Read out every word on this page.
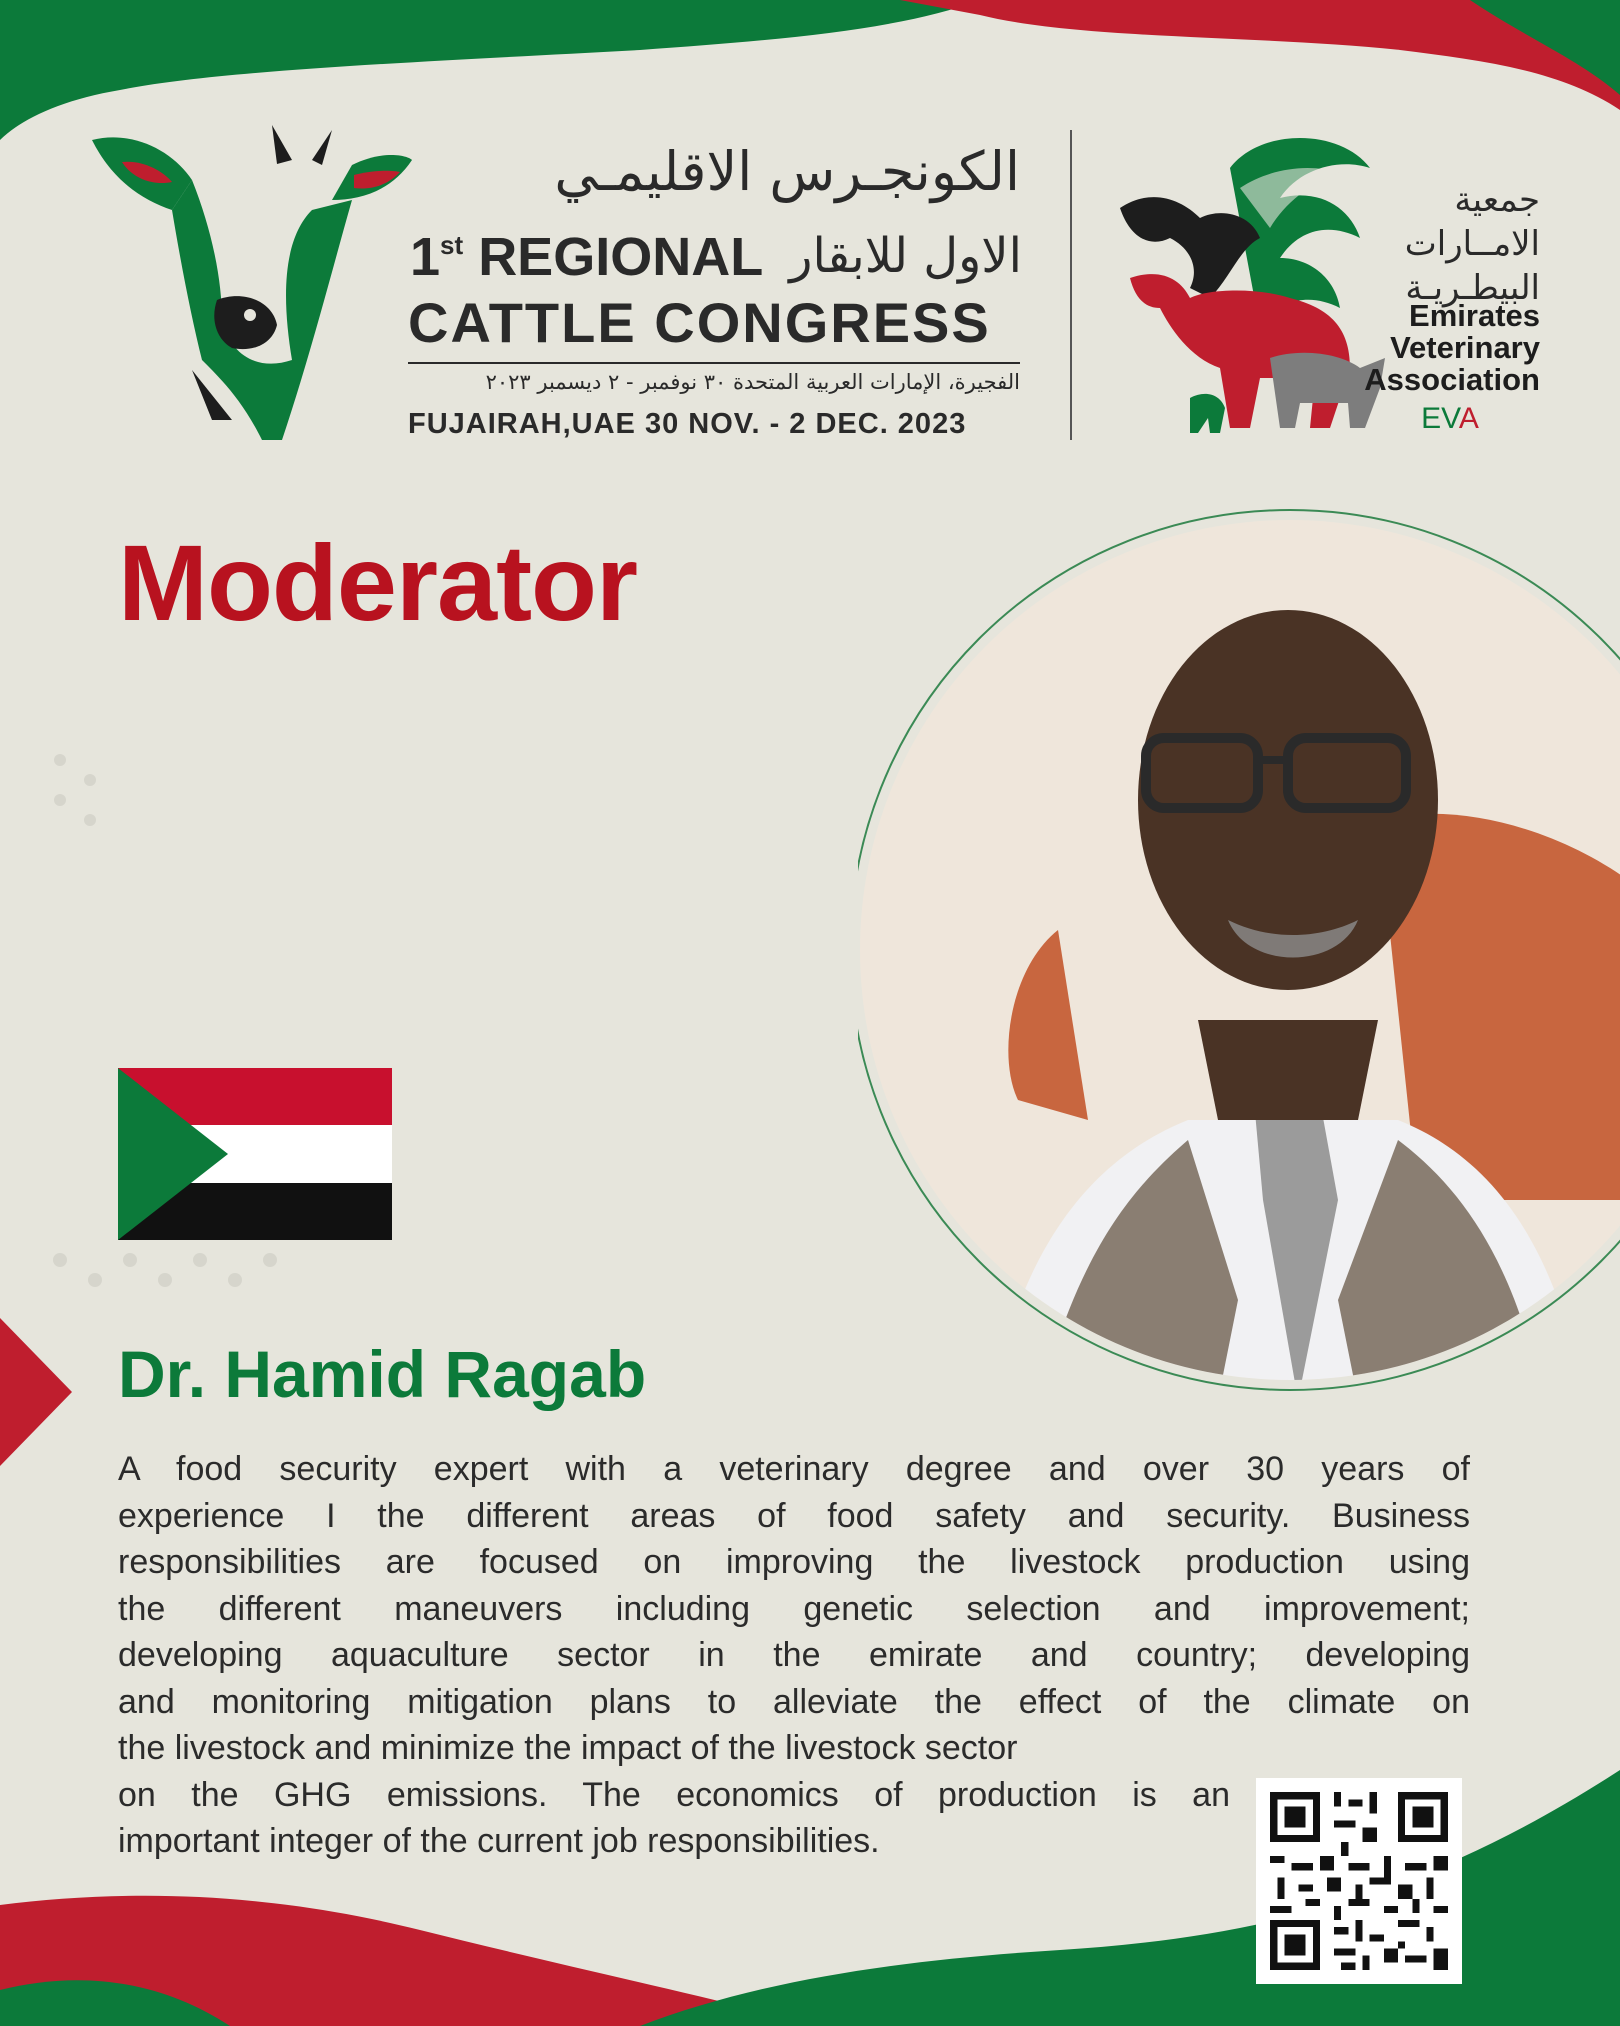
الكونجـرس الاقليمـي
1st REGIONAL الاول للابقار
CATTLE CONGRESS
الفجيرة، الإمارات العربية المتحدة ٣٠ نوفمبر - ٢ ديسمبر ٢٠٢٣
FUJAIRAH,UAE 30 NOV. - 2 DEC. 2023
جمعية
الامــارات
البيطـريـة
Emirates
Veterinary
Association
EVA
Moderator
Dr. Hamid Ragab

A food security expert with a veterinary degree and over 30 years of

experience I the different areas of food safety and security. Business

responsibilities are focused on improving the livestock production using

the different maneuvers including genetic selection and improvement;

developing aquaculture sector in the emirate and country; developing

and monitoring mitigation plans to alleviate the effect of the climate on

the livestock and minimize the impact of the livestock sector

on the GHG emissions. The economics of production is an

important integer of the current job responsibilities.
